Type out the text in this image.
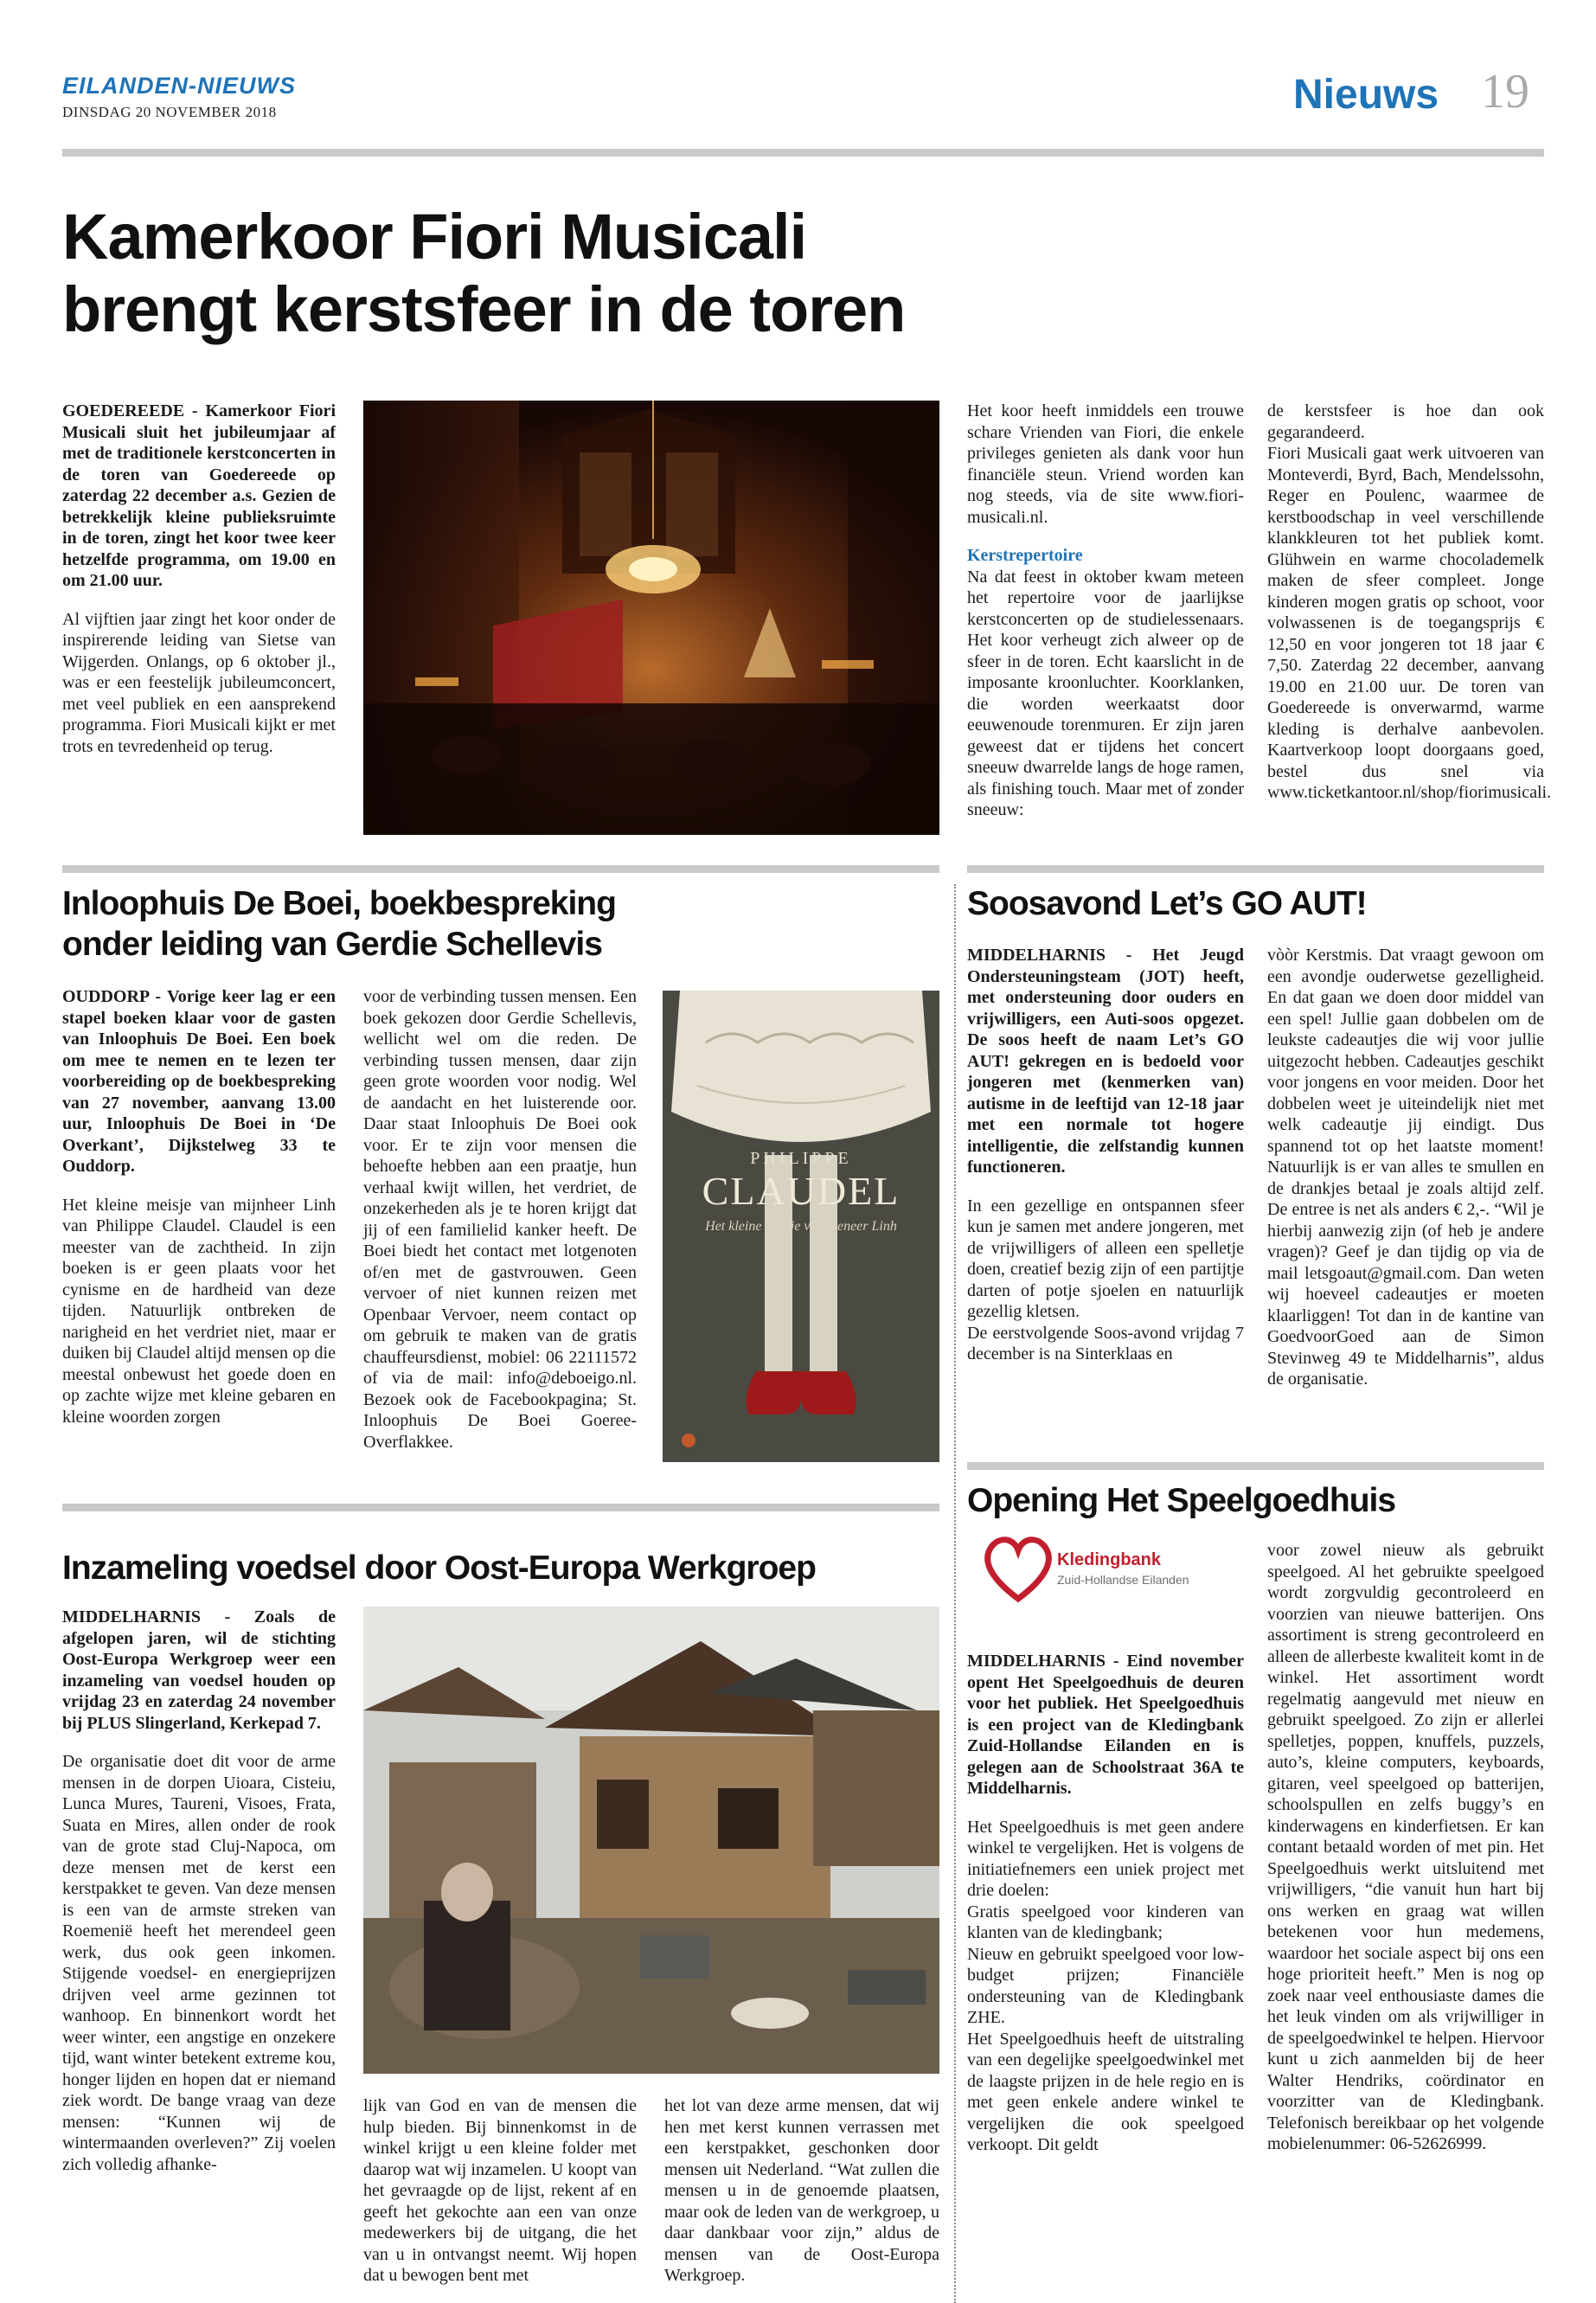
EILANDEN-NIEUWS
DINSDAG 20 NOVEMBER 2018	Nieuws 19
Kamerkoor Fiori Musicali
brengt kerstsfeer in de toren

GOEDEREEDE - Kamerkoor Fiori Musicali sluit het jubileumjaar af met de traditionele kerstconcerten in de toren van Goedereede op zaterdag 22 december a.s. Gezien de betrekkelijk kleine publieksruimte in de toren, zingt het koor twee keer hetzelfde programma, om 19.00 en om 21.00 uur.

Al vijftien jaar zingt het koor onder de inspirerende leiding van Sietse van Wijgerden. Onlangs, op 6 oktober jl., was er een feestelijk jubileumconcert, met veel publiek en een aansprekend programma. Fiori Musicali kijkt er met trots en tevredenheid op terug.

Het koor heeft inmiddels een trouwe schare Vrienden van Fiori, die enkele privileges genieten als dank voor hun financiële steun. Vriend worden kan nog steeds, via de site www.fiori-musicali.nl.

Kerstrepertoire

Na dat feest in oktober kwam meteen het repertoire voor de jaarlijkse kerstconcerten op de studielessenaars. Het koor verheugt zich alweer op de sfeer in de toren. Echt kaarslicht in de imposante kroonluchter. Koorklanken, die worden weerkaatst door eeuwenoude torenmuren. Er zijn jaren geweest dat er tijdens het concert sneeuw dwarrelde langs de hoge ramen, als finishing touch. Maar met of zonder sneeuw:

de kerstsfeer is hoe dan ook gegarandeerd.

Fiori Musicali gaat werk uitvoeren van Monteverdi, Byrd, Bach, Mendelssohn, Reger en Poulenc, waarmee de kerstboodschap in veel verschillende klankkleuren tot het publiek komt. Glühwein en warme chocolademelk maken de sfeer compleet. Jonge kinderen mogen gratis op schoot, voor volwassenen is de toegangsprijs € 12,50 en voor jongeren tot 18 jaar € 7,50. Zaterdag 22 december, aanvang 19.00 en 21.00 uur. De toren van Goedereede is onverwarmd, warme kleding is derhalve aanbevolen. Kaartverkoop loopt doorgaans goed, bestel dus snel via www.ticketkantoor.nl/shop/fiorimusicali.

Inloophuis De Boei, boekbespreking
onder leiding van Gerdie Schellevis

OUDDORP - Vorige keer lag er een stapel boeken klaar voor de gasten van Inloophuis De Boei. Een boek om mee te nemen en te lezen ter voorbereiding op de boekbespreking van 27 november, aanvang 13.00 uur, Inloophuis De Boei in ‘De Overkant’, Dijkstelweg 33 te Ouddorp.

Het kleine meisje van mijnheer Linh van Philippe Claudel. Claudel is een meester van de zachtheid. In zijn boeken is er geen plaats voor het cynisme en de hardheid van deze tijden. Natuurlijk ontbreken de narigheid en het verdriet niet, maar er duiken bij Claudel altijd mensen op die meestal onbewust het goede doen en op zachte wijze met kleine gebaren en kleine woorden zorgen

voor de verbinding tussen mensen. Een boek gekozen door Gerdie Schellevis, wellicht wel om die reden. De verbinding tussen mensen, daar zijn geen grote woorden voor nodig. Wel de aandacht en het luisterende oor. Daar staat Inloophuis De Boei ook voor. Er te zijn voor mensen die behoefte hebben aan een praatje, hun verhaal kwijt willen, het verdriet, de onzekerheden als je te horen krijgt dat jij of een familielid kanker heeft. De Boei biedt het contact met lotgenoten of/en met de gastvrouwen. Geen vervoer of niet kunnen reizen met Openbaar Vervoer, neem contact op om gebruik te maken van de gratis chauffeursdienst, mobiel: 06 22111572 of via de mail: info@deboeigo.nl. Bezoek ook de Facebookpagina; St. Inloophuis De Boei Goeree-Overflakkee.

PHILIPPE
CLAUDEL
Het kleine meisje van meneer Linh
Soosavond Let’s GO AUT!

MIDDELHARNIS - Het Jeugd Ondersteuningsteam (JOT) heeft, met ondersteuning door ouders en vrijwilligers, een Auti-soos opgezet. De soos heeft de naam Let’s GO AUT! gekregen en is bedoeld voor jongeren met (kenmerken van) autisme in de leeftijd van 12-18 jaar met een normale tot hogere intelligentie, die zelfstandig kunnen functioneren.

In een gezellige en ontspannen sfeer kun je samen met andere jongeren, met de vrijwilligers of alleen een spelletje doen, creatief bezig zijn of een partijtje darten of potje sjoelen en natuurlijk gezellig kletsen.

De eerstvolgende Soos-avond vrijdag 7 december is na Sinterklaas en

vòòr Kerstmis. Dat vraagt gewoon om een avondje ouderwetse gezelligheid. En dat gaan we doen door middel van een spel! Jullie gaan dobbelen om de leukste cadeautjes die wij voor jullie uitgezocht hebben. Cadeautjes geschikt voor jongens en voor meiden. Door het dobbelen weet je uiteindelijk niet met welk cadeautje jij eindigt. Dus spannend tot op het laatste moment! Natuurlijk is er van alles te smullen en de drankjes betaal je zoals altijd zelf. De entree is net als anders € 2,-. “Wil je hierbij aanwezig zijn (of heb je andere vragen)? Geef je dan tijdig op via de mail letsgoaut@gmail.com. Dan weten wij hoeveel cadeautjes er moeten klaarliggen! Tot dan in de kantine van GoedvoorGoed aan de Simon Stevinweg 49 te Middelharnis”, aldus de organisatie.

Inzameling voedsel door Oost-Europa Werkgroep

MIDDELHARNIS - Zoals de afgelopen jaren, wil de stichting Oost-Europa Werkgroep weer een inzameling van voedsel houden op vrijdag 23 en zaterdag 24 november bij PLUS Slingerland, Kerkepad 7.

De organisatie doet dit voor de arme mensen in de dorpen Uioara, Cisteiu, Lunca Mures, Taureni, Visoes, Frata, Suata en Mires, allen onder de rook van de grote stad Cluj-Napoca, om deze mensen met de kerst een kerstpakket te geven. Van deze mensen is een van de armste streken van Roemenië heeft het merendeel geen werk, dus ook geen inkomen. Stijgende voedsel- en energieprijzen drijven veel arme gezinnen tot wanhoop. En binnenkort wordt het weer winter, een angstige en onzekere tijd, want winter betekent extreme kou, honger lijden en hopen dat er niemand ziek wordt. De bange vraag van deze mensen: “Kunnen wij de wintermaanden overleven?” Zij voelen zich volledig afhanke-

lijk van God en van de mensen die hulp bieden. Bij binnenkomst in de winkel krijgt u een kleine folder met daarop wat wij inzamelen. U koopt van het gevraagde op de lijst, rekent af en geeft het gekochte aan een van onze medewerkers bij de uitgang, die het van u in ontvangst neemt. Wij hopen dat u bewogen bent met

het lot van deze arme mensen, dat wij hen met kerst kunnen verrassen met een kerstpakket, geschonken door mensen uit Nederland. “Wat zullen die mensen u in de genoemde plaatsen, maar ook de leden van de werkgroep, u daar dankbaar voor zijn,” aldus de mensen van de Oost-Europa Werkgroep.

Opening Het Speelgoedhuis
Kledingbank
Zuid-Hollandse Eilanden

MIDDELHARNIS - Eind november opent Het Speelgoedhuis de deuren voor het publiek. Het Speelgoedhuis is een project van de Kledingbank Zuid-Hollandse Eilanden en is gelegen aan de Schoolstraat 36A te Middelharnis.

Het Speelgoedhuis is met geen andere winkel te vergelijken. Het is volgens de initiatiefnemers een uniek project met drie doelen:

Gratis speelgoed voor kinderen van klanten van de kledingbank;

Nieuw en gebruikt speelgoed voor low-budget prijzen; Financiële ondersteuning van de Kledingbank ZHE.

Het Speelgoedhuis heeft de uitstraling van een degelijke speelgoedwinkel met de laagste prijzen in de hele regio en is met geen enkele andere winkel te vergelijken die ook speelgoed verkoopt. Dit geldt

voor zowel nieuw als gebruikt speelgoed. Al het gebruikte speelgoed wordt zorgvuldig gecontroleerd en voorzien van nieuwe batterijen. Ons assortiment is streng gecontroleerd en alleen de allerbeste kwaliteit komt in de winkel. Het assortiment wordt regelmatig aangevuld met nieuw en gebruikt speelgoed. Zo zijn er allerlei spelletjes, poppen, knuffels, puzzels, auto’s, kleine computers, keyboards, gitaren, veel speelgoed op batterijen, schoolspullen en zelfs buggy’s en kinderwagens en kinderfietsen. Er kan contant betaald worden of met pin. Het Speelgoedhuis werkt uitsluitend met vrijwilligers, “die vanuit hun hart bij ons werken en graag wat willen betekenen voor hun medemens, waardoor het sociale aspect bij ons een hoge prioriteit heeft.” Men is nog op zoek naar veel enthousiaste dames die het leuk vinden om als vrijwilliger in de speelgoedwinkel te helpen. Hiervoor kunt u zich aanmelden bij de heer Walter Hendriks, coördinator en voorzitter van de Kledingbank. Telefonisch bereikbaar op het volgende mobielenummer: 06-52626999.
